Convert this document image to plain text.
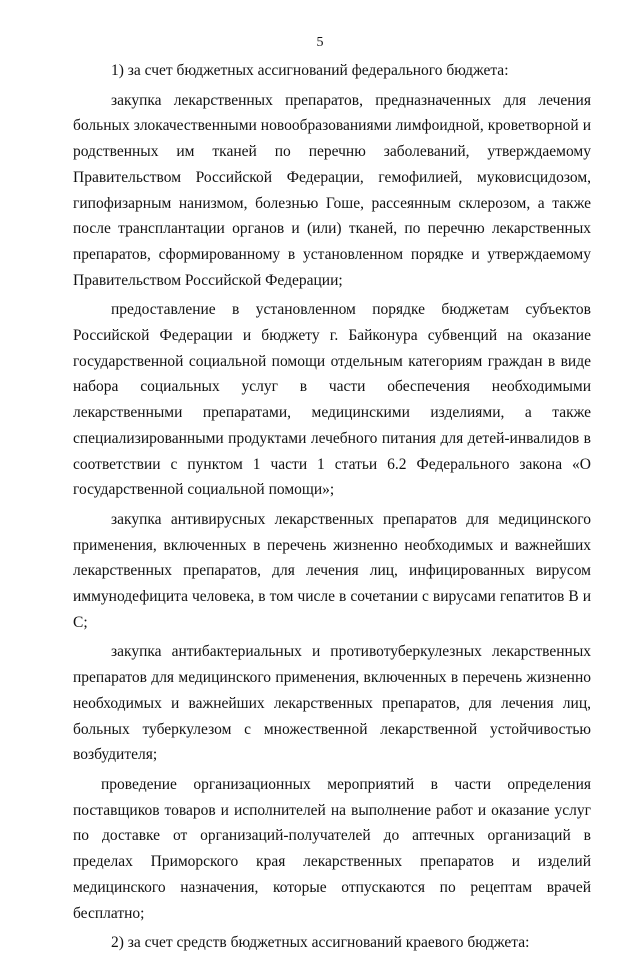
5

1) за счет бюджетных ассигнований федерального бюджета:

закупка лекарственных препаратов, предназначенных для лечения больных злокачественными новообразованиями лимфоидной, кроветворной и родственных им тканей по перечню заболеваний, утверждаемому Правительством Российской Федерации, гемофилией, муковисцидозом, гипофизарным нанизмом, болезнью Гоше, рассеянным склерозом, а также после трансплантации органов и (или) тканей, по перечню лекарственных препаратов, сформированному в установленном порядке и утверждаемому Правительством Российской Федерации;

предоставление в установленном порядке бюджетам субъектов Российской Федерации и бюджету г. Байконура субвенций на оказание государственной социальной помощи отдельным категориям граждан в виде набора социальных услуг в части обеспечения необходимыми лекарственными препаратами, медицинскими изделиями, а также специализированными продуктами лечебного питания для детей-инвалидов в соответствии с пунктом 1 части 1 статьи 6.2 Федерального закона «О государственной социальной помощи»;

закупка антивирусных лекарственных препаратов для медицинского применения, включенных в перечень жизненно необходимых и важнейших лекарственных препаратов, для лечения лиц, инфицированных вирусом иммунодефицита человека, в том числе в сочетании с вирусами гепатитов В и С;

закупка антибактериальных и противотуберкулезных лекарственных препаратов для медицинского применения, включенных в перечень жизненно необходимых и важнейших лекарственных препаратов, для лечения лиц, больных туберкулезом с множественной лекарственной устойчивостью возбудителя;

проведение организационных мероприятий в части определения поставщиков товаров и исполнителей на выполнение работ и оказание услуг по доставке от организаций-получателей до аптечных организаций в пределах Приморского края лекарственных препаратов и изделий медицинского назначения, которые отпускаются по рецептам врачей бесплатно;

2) за счет средств бюджетных ассигнований краевого бюджета:
